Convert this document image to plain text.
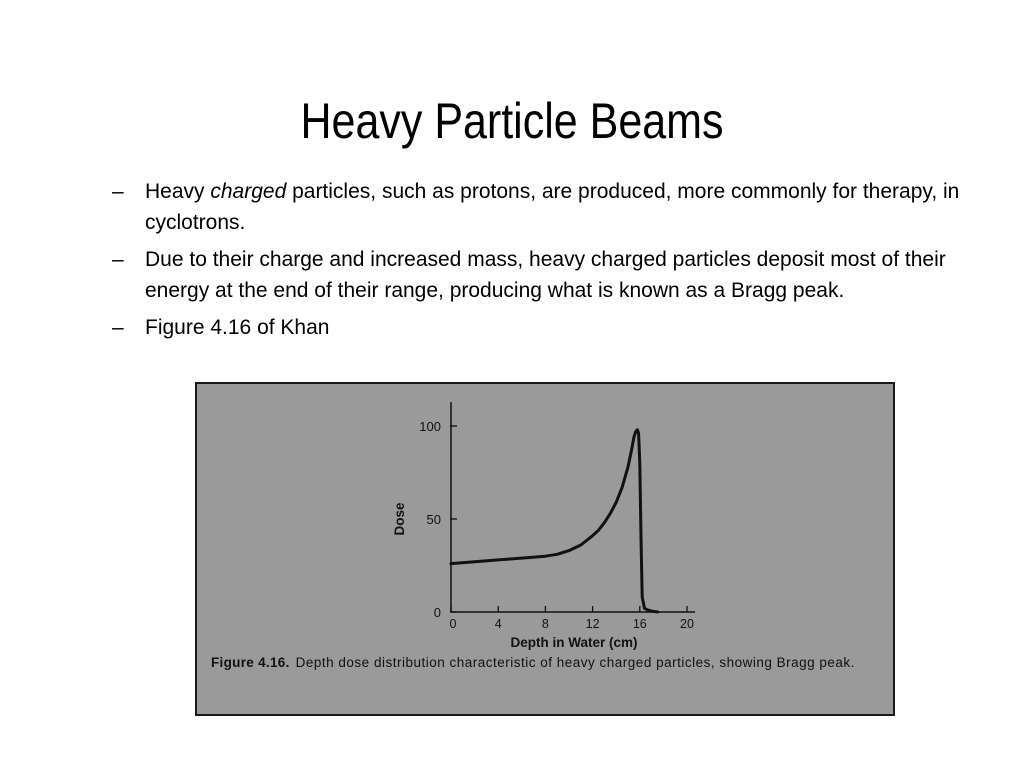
Heavy Particle Beams
– Heavy charged particles, such as protons, are produced, more commonly for therapy, in cyclotrons.
– Due to their charge and increased mass, heavy charged particles deposit most of their energy at the end of their range, producing what is known as a Bragg peak.
– Figure 4.16 of Khan
0
50
100
0	4	8	12	16	20
Depth in Water (cm)
Dose
Figure 4.16. Depth dose distribution characteristic of heavy charged particles, showing Bragg peak.
